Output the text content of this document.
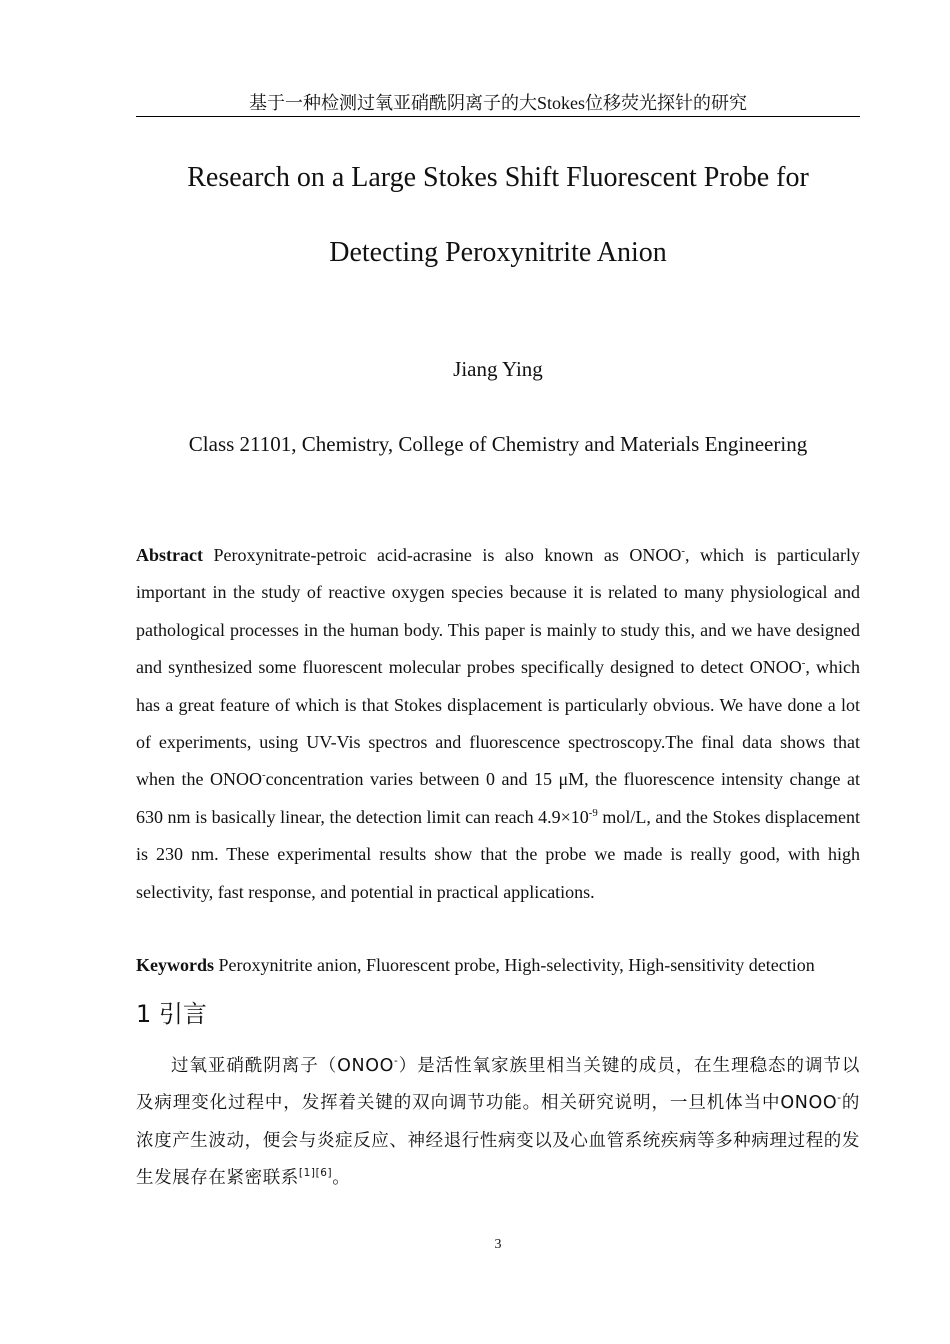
基于一种检测过氧亚硝酰阴离子的大Stokes位移荧光探针的研究
Research on a Large Stokes Shift Fluorescent Probe for
Detecting Peroxynitrite Anion
Jiang Ying
Class 21101, Chemistry, College of Chemistry and Materials Engineering
Abstract Peroxynitrate-petroic acid-acrasine is also known as ONOO-, which is particularly important in the study of reactive oxygen species because it is related to many physiological and pathological processes in the human body. This paper is mainly to study this, and we have designed and synthesized some fluorescent molecular probes specifically designed to detect ONOO-, which has a great feature of which is that Stokes displacement is particularly obvious. We have done a lot of experiments, using UV-Vis spectros and fluorescence spectroscopy.The final data shows that when the ONOO-concentration varies between 0 and 15 μM, the fluorescence intensity change at 630 nm is basically linear, the detection limit can reach $4.9\times 10^{-9}$ mol/L, and the Stokes displacement is 230 nm. These experimental results show that the probe we made is really good, with high selectivity, fast response, and potential in practical applications.
Keywords Peroxynitrite anion, Fluorescent probe, High-selectivity, High-sensitivity detection
1 引言
过氧亚硝酰阴离子（ONOO-）是活性氧家族里相当关键的成员，在生理稳态的调节以及病理变化过程中，发挥着关键的双向调节功能。相关研究说明，一旦机体当中ONOO-的浓度产生波动，便会与炎症反应、神经退行性病变以及心血管系统疾病等多种病理过程的发生发展存在紧密联系[1][6]。
3
